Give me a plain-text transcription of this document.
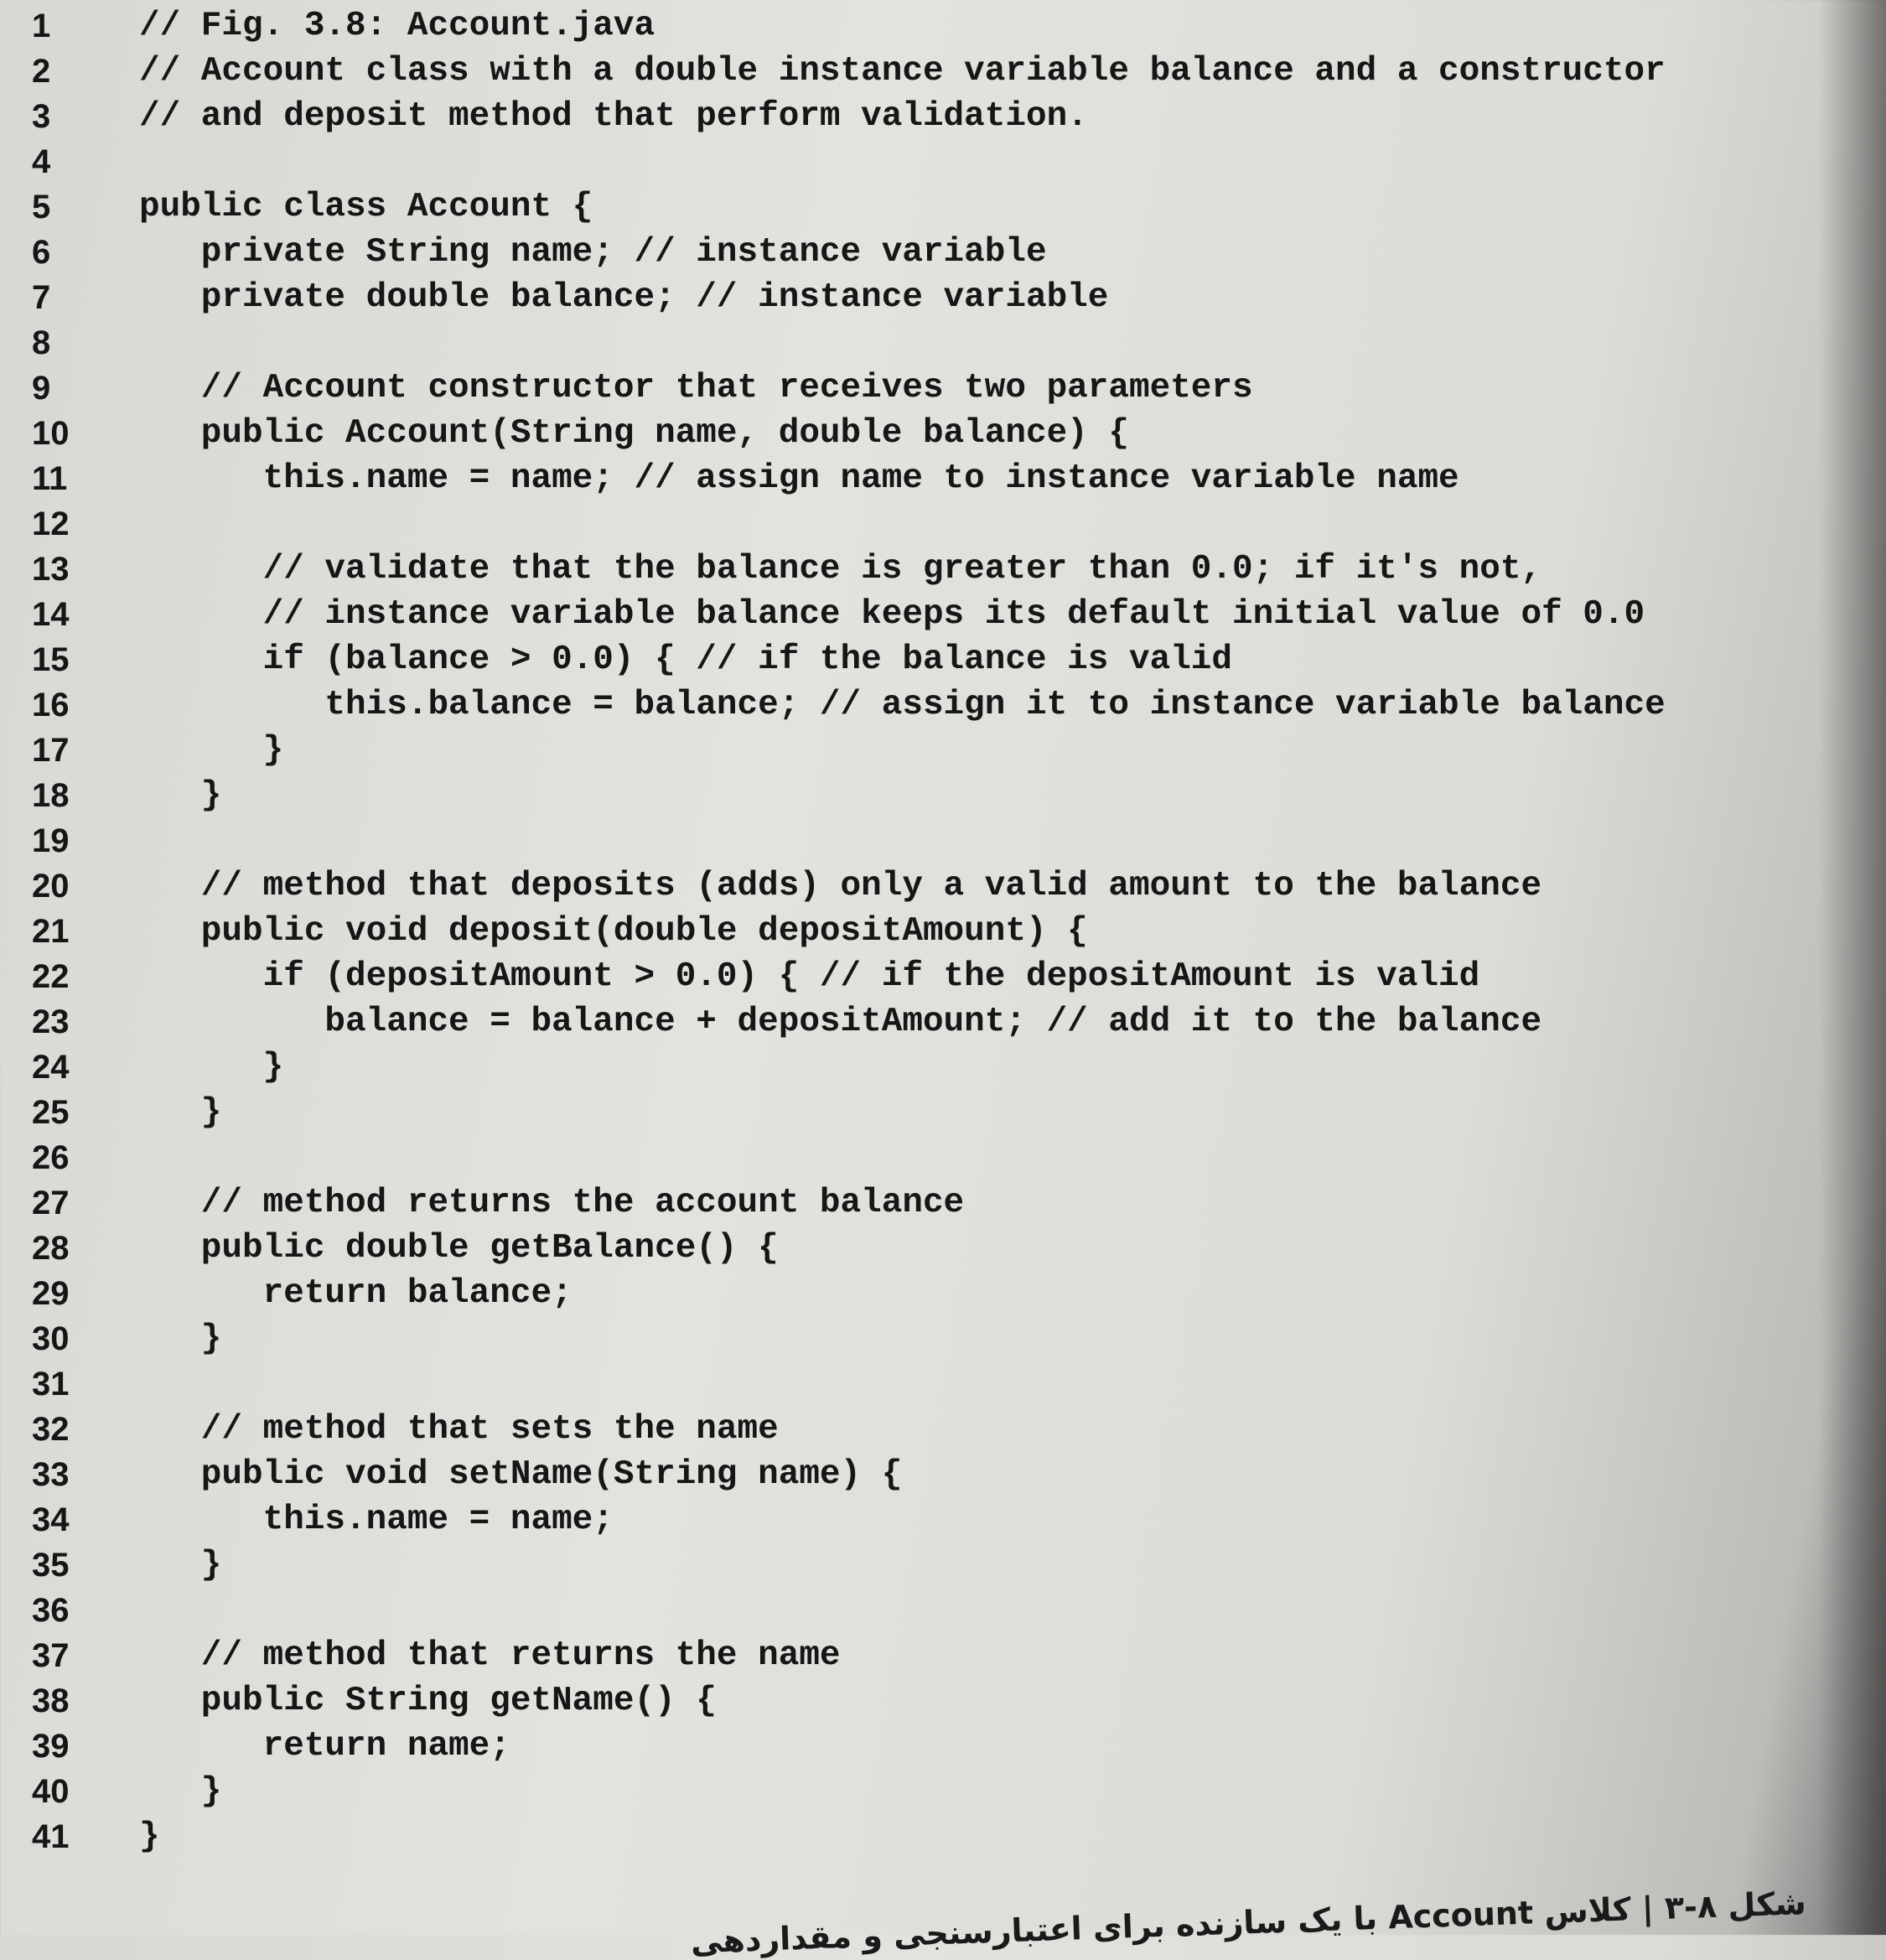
1	// Fig. 3.8: Account.java
2	// Account class with a double instance variable balance and a constructor
3	// and deposit method that perform validation.
4
5	public class Account {
6	private String name; // instance variable
7	private double balance; // instance variable
8
9	// Account constructor that receives two parameters
10	public Account(String name, double balance) {
11	this.name = name; // assign name to instance variable name
12
13	// validate that the balance is greater than 0.0; if it's not,
14	// instance variable balance keeps its default initial value of 0.0
15	if (balance > 0.0) { // if the balance is valid
16	this.balance = balance; // assign it to instance variable balance
17	}
18	}
19
20	// method that deposits (adds) only a valid amount to the balance
21	public void deposit(double depositAmount) {
22	if (depositAmount > 0.0) { // if the depositAmount is valid
23	balance = balance + depositAmount; // add it to the balance
24	}
25	}
26
27	// method returns the account balance
28	public double getBalance() {
29	return balance;
30	}
31
32	// method that sets the name
33	public void setName(String name) {
34	this.name = name;
35	}
36
37	// method that returns the name
38	public String getName() {
39	return name;
40	}
41	}
شکل ۸-۳ | کلاس Account با یک سازنده برای اعتبارسنجی و مقداردهی
